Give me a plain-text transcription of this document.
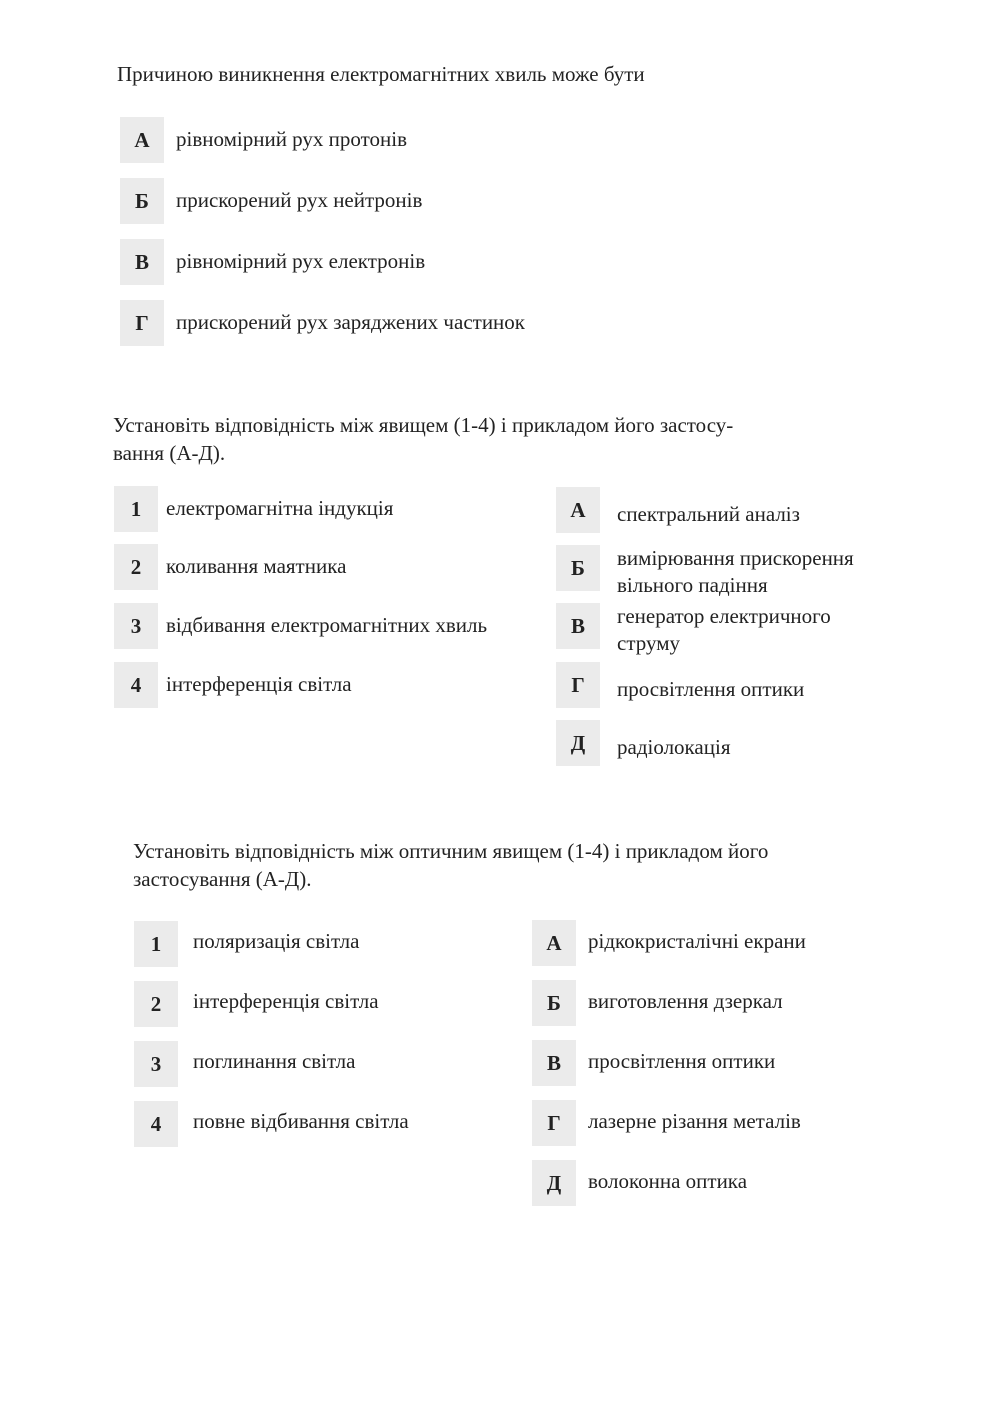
Причиною виникнення електромагнітних хвиль може бути

А	рівномірний рух протонів
Б	прискорений рух нейтронів
В	рівномірний рух електронів
Г	прискорений рух заряджених частинок
Установіть відповідність між явищем (1-4) і прикладом його застосу-
вання (А-Д).
1	електромагнітна індукція
2	коливання маятника
3	відбивання електромагнітних хвиль
4	інтерференція світла
А	спектральний аналіз
Б	вимірювання прискорення
вільного падіння
В	генератор електричного
струму
Г	просвітлення оптики
Д	радіолокація
Установіть відповідність між оптичним явищем (1-4) і прикладом його
застосування (А-Д).
1	поляризація світла
2	інтерференція світла
3	поглинання світла
4	повне відбивання світла
А	рідкокристалічні екрани
Б	виготовлення дзеркал
В	просвітлення оптики
Г	лазерне різання металів
Д	волоконна оптика
